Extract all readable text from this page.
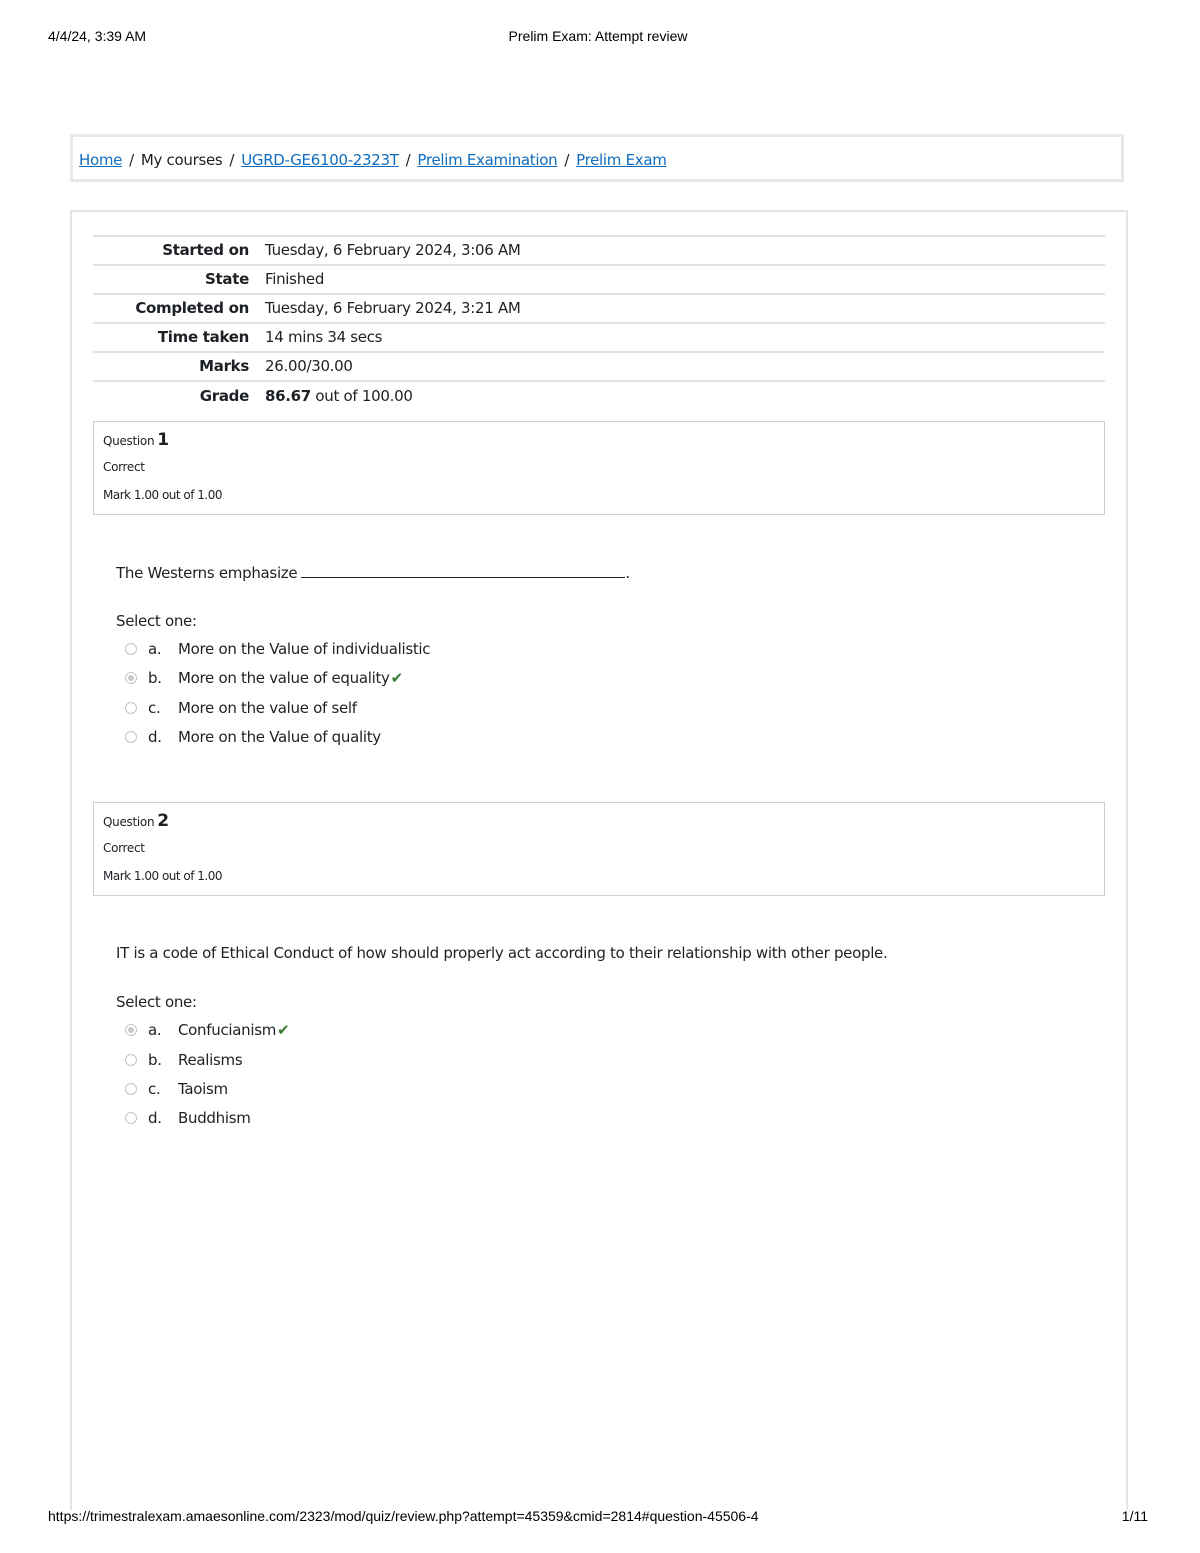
4/4/24, 3:39 AM	Prelim Exam: Attempt review
Home / My courses / UGRD-GE6100-2323T / Prelim Examination / Prelim Exam
Started on Tuesday, 6 February 2024, 3:06 AM
State Finished
Completed on Tuesday, 6 February 2024, 3:21 AM
Time taken 14 mins 34 secs
Marks 26.00/30.00
Grade 86.67 out of 100.00
Question 1
Correct
Mark 1.00 out of 1.00
The Westerns emphasize	.
Select one:
a. More on the Value of individualistic
b. More on the value of equality✔
c. More on the value of self
d. More on the Value of quality
Question 2
Correct
Mark 1.00 out of 1.00
IT is a code of Ethical Conduct of how should properly act according to their relationship with other people.
Select one:
a. Confucianism✔
b. Realisms
c. Taoism
d. Buddhism
https://trimestralexam.amaesonline.com/2323/mod/quiz/review.php?attempt=45359&cmid=2814#question-45506-4	1/11
